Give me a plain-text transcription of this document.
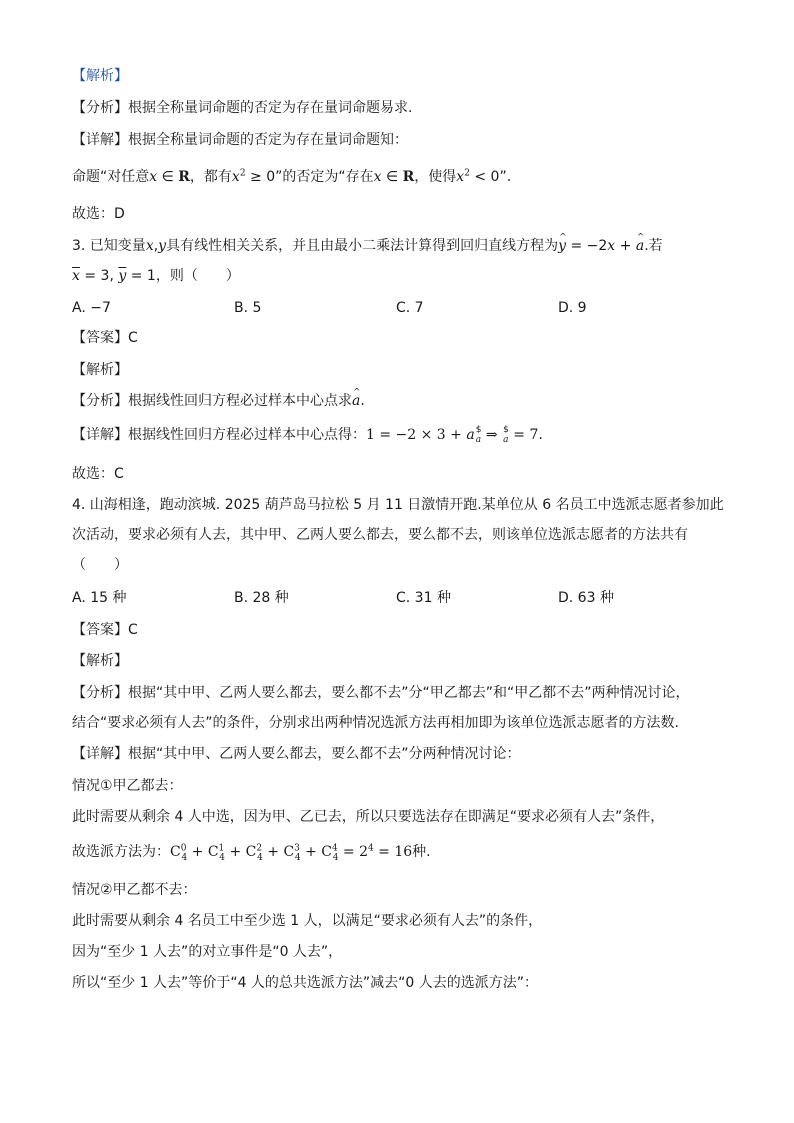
【解析】
【分析】根据全称量词命题的否定为存在量词命题易求.
【详解】根据全称量词命题的否定为存在量词命题知：
命题“对任意x ∈ R，都有$x^2 \ge 0$”的否定为“存在x ∈ R，使得$x^2 < 0$”.
故选：D
3. 已知变量x,y具有线性相关关系，并且由最小二乘法计算得到回归直线方程为^ y = −2x + ^ a.若
$\overline{x} = 3$, $\overline{y} = 1$，则（　　）
A. −7	B. 5	C. 7	D. 9
【答案】C
【解析】
【分析】根据线性回归方程必过样本中心点求^ a.
【详解】根据线性回归方程必过样本中心点得：1 = −2 × 3 + a $
a ⇒ $
a = 7.
故选：C
4. 山海相逢，跑动滨城. 2025 葫芦岛马拉松 5 月 11 日激情开跑.某单位从 6 名员工中选派志愿者参加此
次活动，要求必须有人去，其中甲、乙两人要么都去，要么都不去，则该单位选派志愿者的方法共有
（　　）
A. 15 种	B. 28 种	C. 31 种	D. 63 种
【答案】C
【解析】
【分析】根据“其中甲、乙两人要么都去，要么都不去”分“甲乙都去”和“甲乙都不去”两种情况讨论，
结合“要求必须有人去”的条件，分别求出两种情况选派方法再相加即为该单位选派志愿者的方法数.
【详解】根据“其中甲、乙两人要么都去，要么都不去”分两种情况讨论：
情况①甲乙都去：
此时需要从剩余 4 人中选，因为甲、乙已去，所以只要选法存在即满足“要求必须有人去”条件，
故选派方法为：$C^0_4 + C^1_4 + C^2_4 + C^3_4 + C^4_4 = 2^4 = 16$种.
情况②甲乙都不去：
此时需要从剩余 4 名员工中至少选 1 人，以满足“要求必须有人去”的条件，
因为“至少 1 人去”的对立事件是“0 人去”，
所以“至少 1 人去”等价于“4 人的总共选派方法”减去“0 人去的选派方法”：
